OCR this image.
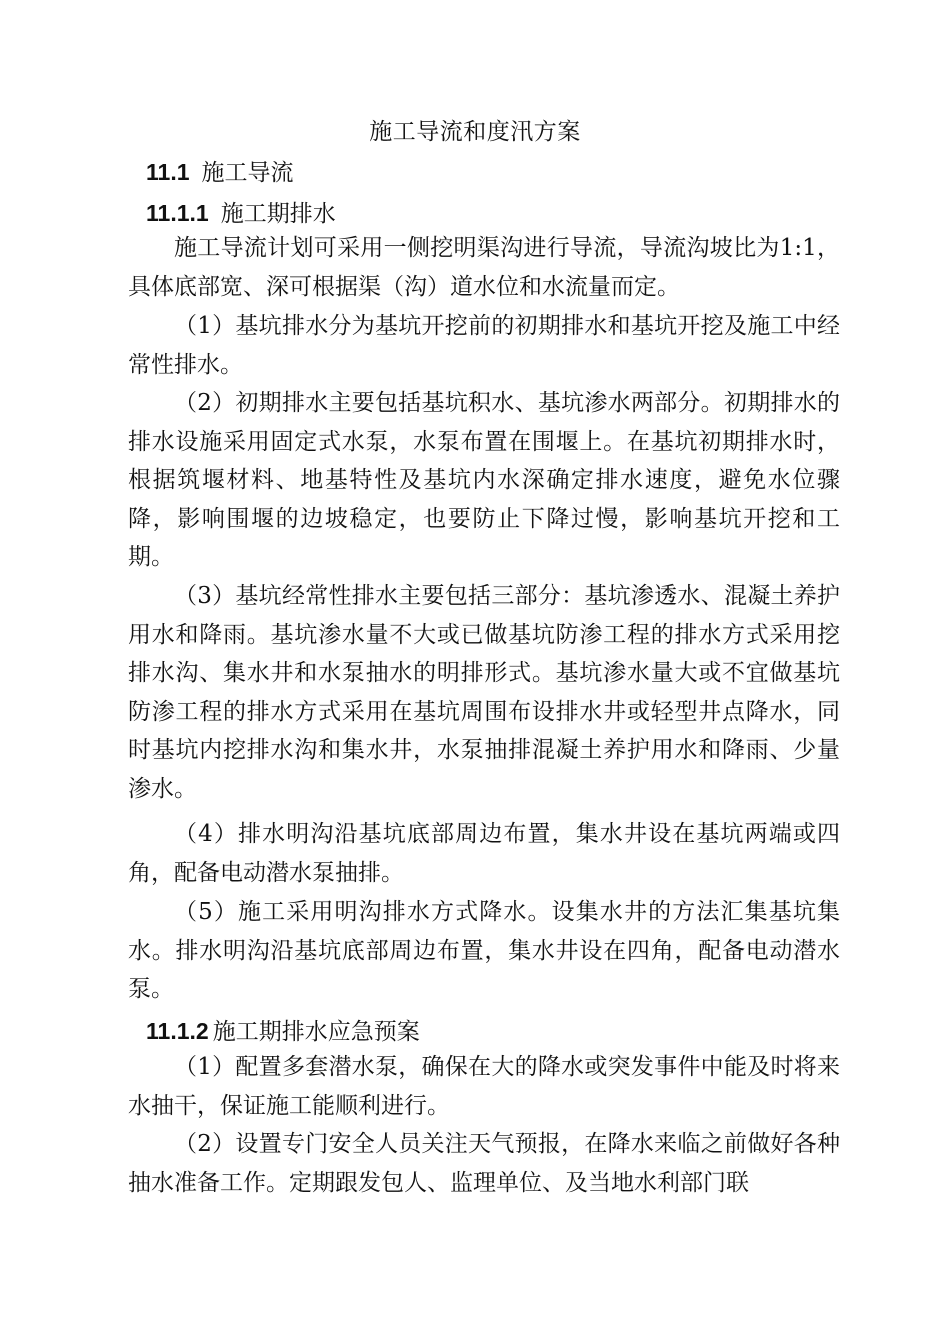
施工导流和度汛方案
11.1 施工导流
11.1.1 施工期排水

施工导流计划可采用一侧挖明渠沟进行导流，导流沟坡比为1:1，具体底部宽、深可根据渠（沟）道水位和水流量而定。

（1）基坑排水分为基坑开挖前的初期排水和基坑开挖及施工中经常性排水。

（2）初期排水主要包括基坑积水、基坑渗水两部分。初期排水的排水设施采用固定式水泵，水泵布置在围堰上。在基坑初期排水时，根据筑堰材料、地基特性及基坑内水深确定排水速度，避免水位骤降，影响围堰的边坡稳定，也要防止下降过慢，影响基坑开挖和工期。

（3）基坑经常性排水主要包括三部分：基坑渗透水、混凝土养护用水和降雨。基坑渗水量不大或已做基坑防渗工程的排水方式采用挖排水沟、集水井和水泵抽水的明排形式。基坑渗水量大或不宜做基坑防渗工程的排水方式采用在基坑周围布设排水井或轻型井点降水，同时基坑内挖排水沟和集水井，水泵抽排混凝土养护用水和降雨、少量渗水。

（4）排水明沟沿基坑底部周边布置，集水井设在基坑两端或四角，配备电动潜水泵抽排。

（5）施工采用明沟排水方式降水。设集水井的方法汇集基坑集水。排水明沟沿基坑底部周边布置，集水井设在四角，配备电动潜水泵。

11.1.2 施工期排水应急预案

（1）配置多套潜水泵，确保在大的降水或突发事件中能及时将来水抽干，保证施工能顺利进行。

（2）设置专门安全人员关注天气预报，在降水来临之前做好各种抽水准备工作。定期跟发包人、监理单位、及当地水利部门联
